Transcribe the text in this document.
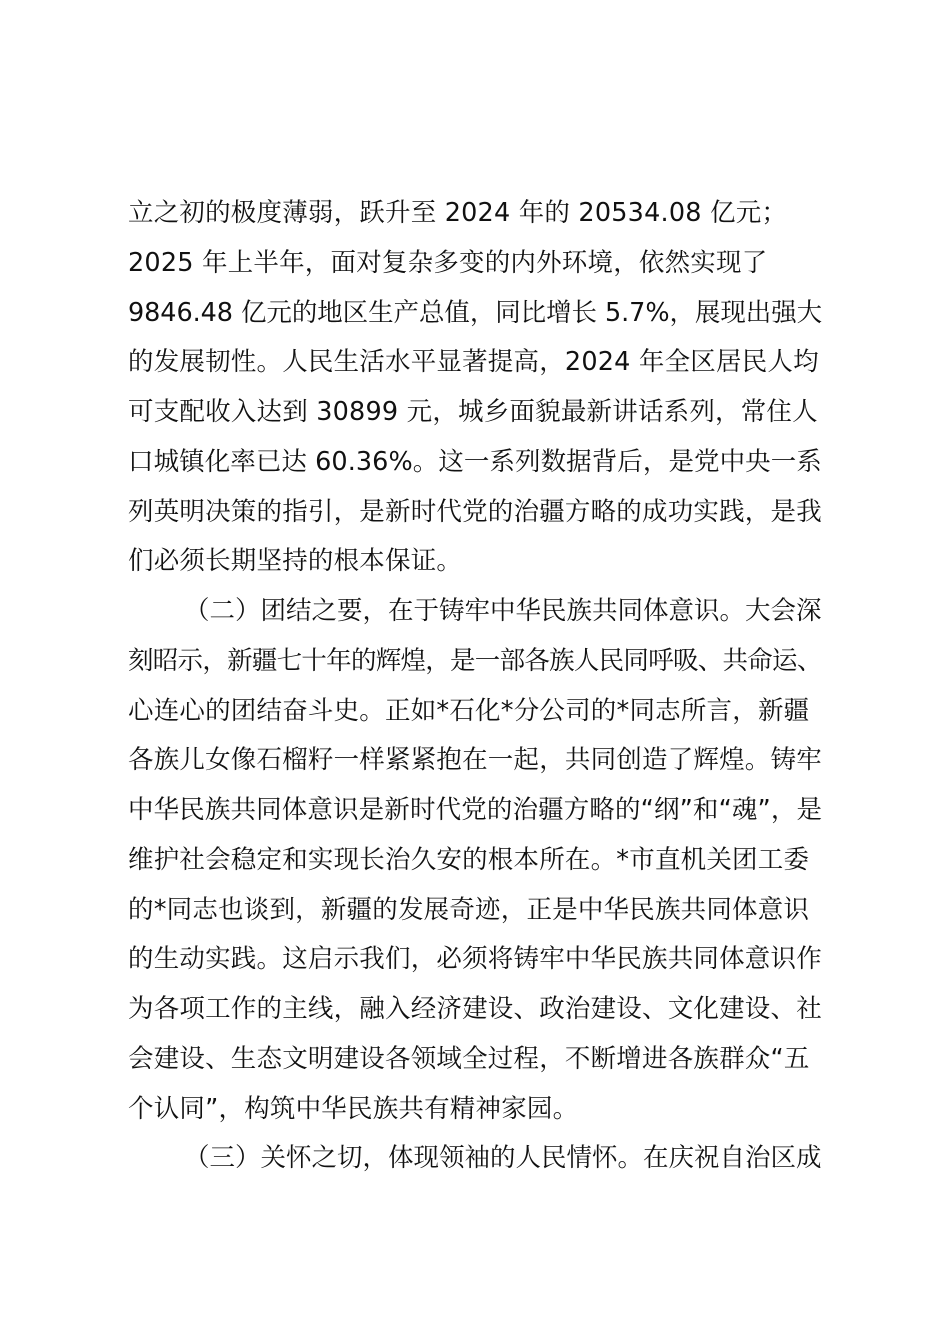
立之初的极度薄弱，跃升至 2024 年的 20534.08 亿元；
2025 年上半年，面对复杂多变的内外环境，依然实现了
9846.48 亿元的地区生产总值，同比增长 5.7%，展现出强大
的发展韧性。人民生活水平显著提高，2024 年全区居民人均
可支配收入达到 30899 元，城乡面貌最新讲话系列，常住人
口城镇化率已达 60.36%。这一系列数据背后，是党中央一系
列英明决策的指引，是新时代党的治疆方略的成功实践，是我
们必须长期坚持的根本保证。
（二）团结之要，在于铸牢中华民族共同体意识。大会深
刻昭示，新疆七十年的辉煌，是一部各族人民同呼吸、共命运、
心连心的团结奋斗史。正如*石化*分公司的*同志所言，新疆
各族儿女像石榴籽一样紧紧抱在一起，共同创造了辉煌。铸牢
中华民族共同体意识是新时代党的治疆方略的“纲”和“魂”，是
维护社会稳定和实现长治久安的根本所在。*市直机关团工委
的*同志也谈到，新疆的发展奇迹，正是中华民族共同体意识
的生动实践。这启示我们，必须将铸牢中华民族共同体意识作
为各项工作的主线，融入经济建设、政治建设、文化建设、社
会建设、生态文明建设各领域全过程，不断增进各族群众“五
个认同”，构筑中华民族共有精神家园。
（三）关怀之切，体现领袖的人民情怀。在庆祝自治区成
